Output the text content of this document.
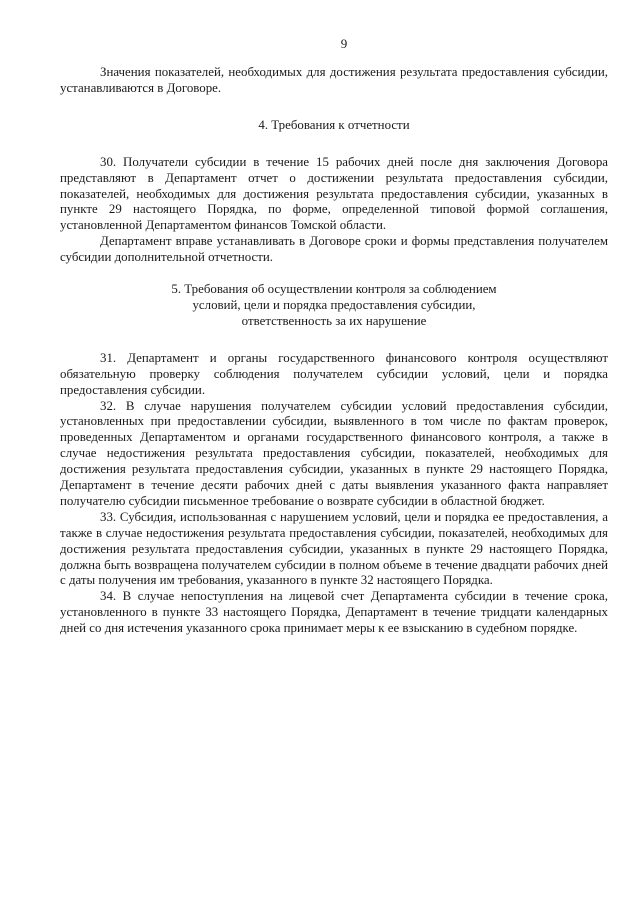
9

Значения показателей, необходимых для достижения результата предоставления субсидии, устанавливаются в Договоре.

4. Требования к отчетности

30. Получатели субсидии в течение 15 рабочих дней после дня заключения Договора представляют в Департамент отчет о достижении результата предоставления субсидии, показателей, необходимых для достижения результата предоставления субсидии, указанных в пункте 29 настоящего Порядка, по форме, определенной типовой формой соглашения, установленной Департаментом финансов Томской области.

Департамент вправе устанавливать в Договоре сроки и формы представления получателем субсидии дополнительной отчетности.

5. Требования об осуществлении контроля за соблюдением
условий, цели и порядка предоставления субсидии,
ответственность за их нарушение

31. Департамент и органы государственного финансового контроля осуществляют обязательную проверку соблюдения получателем субсидии условий, цели и порядка предоставления субсидии.

32. В случае нарушения получателем субсидии условий предоставления субсидии, установленных при предоставлении субсидии, выявленного в том числе по фактам проверок, проведенных Департаментом и органами государственного финансового контроля, а также в случае недостижения результата предоставления субсидии, показателей, необходимых для достижения результата предоставления субсидии, указанных в пункте 29 настоящего Порядка, Департамент в течение десяти рабочих дней с даты выявления указанного факта направляет получателю субсидии письменное требование о возврате субсидии в областной бюджет.

33. Субсидия, использованная с нарушением условий, цели и порядка ее предоставления, а также в случае недостижения результата предоставления субсидии, показателей, необходимых для достижения результата предоставления субсидии, указанных в пункте 29 настоящего Порядка, должна быть возвращена получателем субсидии в полном объеме в течение двадцати рабочих дней с даты получения им требования, указанного в пункте 32 настоящего Порядка.

34. В случае непоступления на лицевой счет Департамента субсидии в течение срока, установленного в пункте 33 настоящего Порядка, Департамент в течение тридцати календарных дней со дня истечения указанного срока принимает меры к ее взысканию в судебном порядке.
